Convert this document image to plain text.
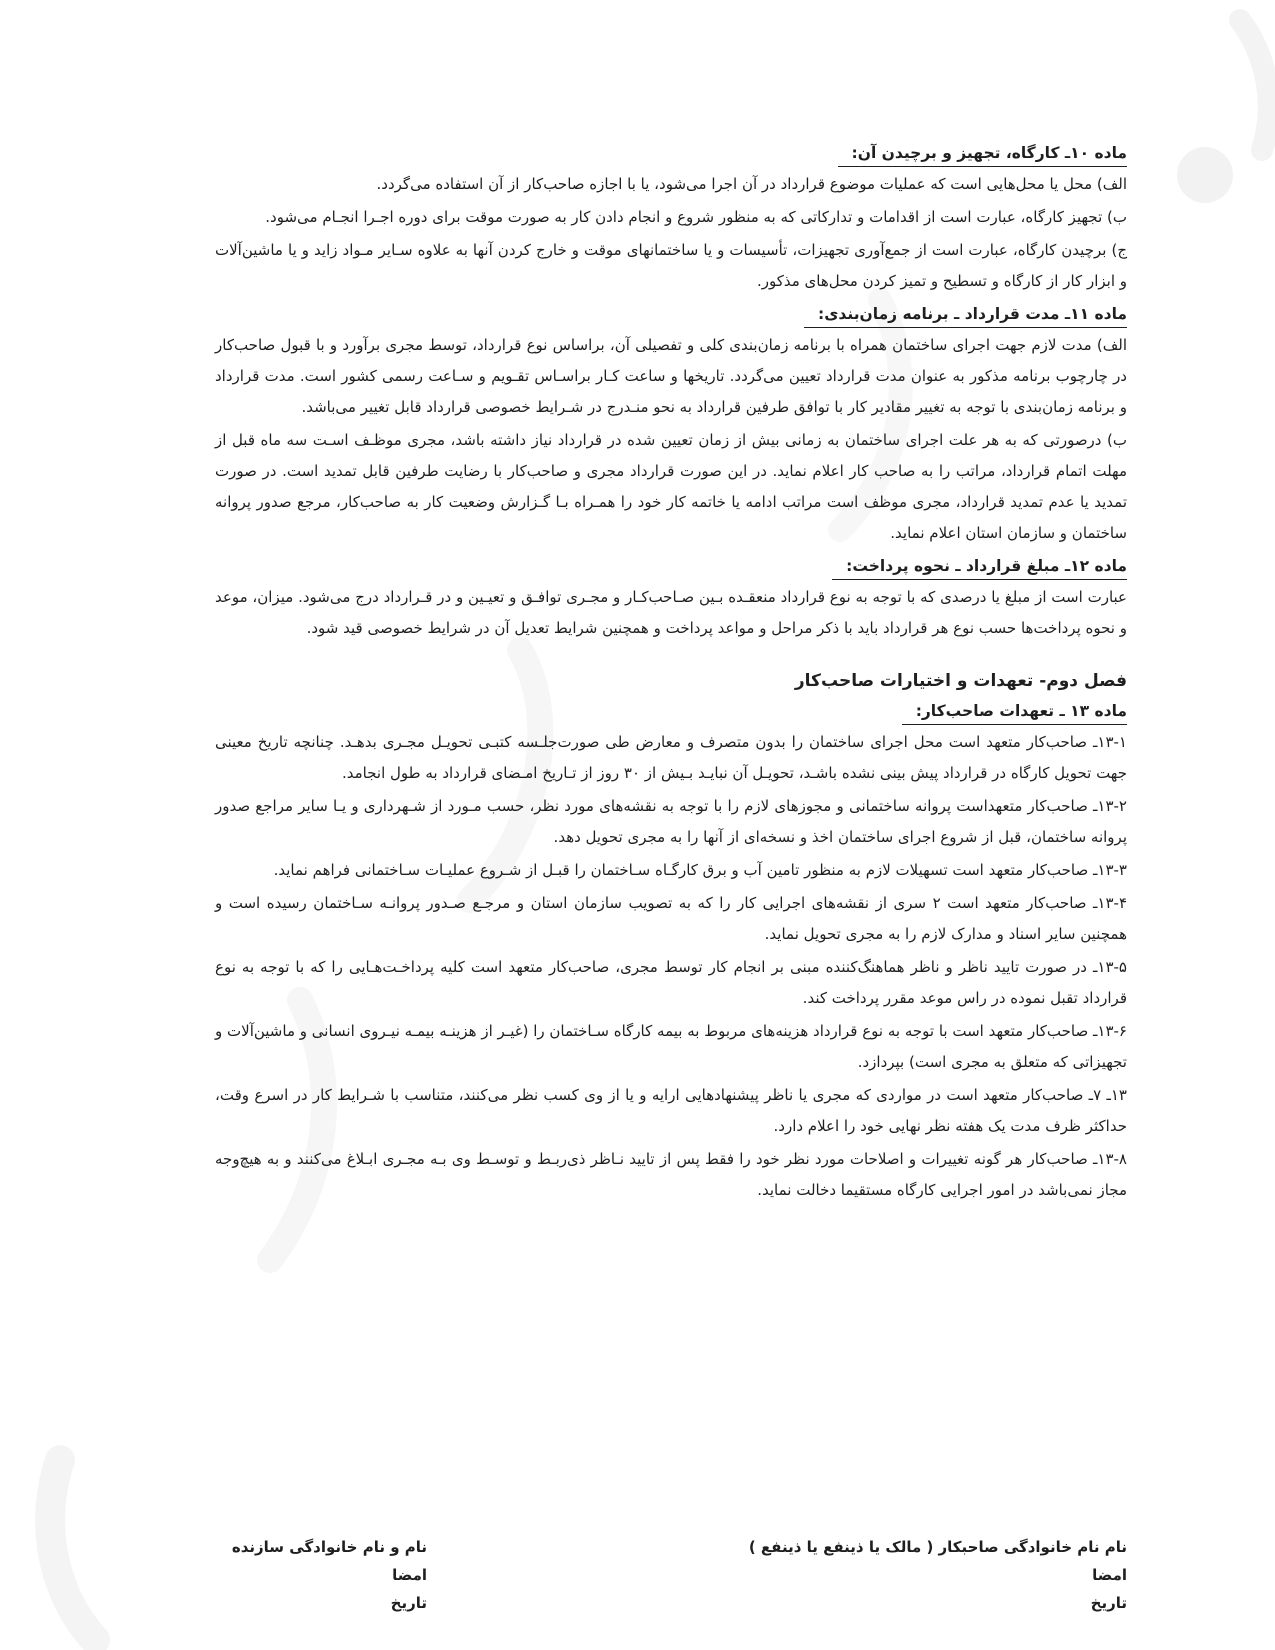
ماده ۱۰ـ کارگاه، تجهیز و برچیدن آن:

الف) محل یا محل‌هایی است که عملیات موضوع قرارداد در آن اجرا می‌شود، یا با اجازه صاحب‌کار از آن استفاده می‌گردد.

ب) تجهیز کارگاه، عبارت است از اقدامات و تدارکاتی که به منظور شروع و انجام دادن کار به صورت موقت برای دوره اجـرا انجـام می‌شود.

ج) برچیدن کارگاه، عبارت است از جمع‌آوری تجهیزات، تأسیسات و یا ساختمانهای موقت و خارج کردن آنها به علاوه سـایر مـواد زاید و یا ماشین‌آلات و ابزار کار از کارگاه و تسطیح و تمیز کردن محل‌های مذکور.

ماده ۱۱ـ مدت قرارداد ـ برنامه زمان‌بندی:

الف) مدت لازم جهت اجرای ساختمان همراه با برنامه زمان‌بندی کلی و تفصیلی آن، براساس نوع قرارداد، توسط مجری برآورد و با قبول صاحب‌کار در چارچوب برنامه مذکور به عنوان مدت قرارداد تعیین می‌گردد. تاریخها و ساعت کـار براسـاس تقـویم و سـاعت رسمی کشور است. مدت قرارداد و برنامه زمان‌بندی با توجه به تغییر مقادیر کار با توافق طرفین قرارداد به نحو منـدرج در شـرایط خصوصی قرارداد قابل تغییر می‌باشد.

ب) درصورتی که به هر علت اجرای ساختمان به زمانی بیش از زمان تعیین شده در قرارداد نیاز داشته باشد، مجری موظـف اسـت سه ماه قبل از مهلت اتمام قرارداد، مراتب را به صاحب کار اعلام نماید. در این صورت قرارداد مجری و صاحب‌کار با رضایت طرفین قابل تمدید است. در صورت تمدید یا عدم تمدید قرارداد، مجری موظف است مراتب ادامه یا خاتمه کار خود را همـراه بـا گـزارش وضعیت کار به صاحب‌کار، مرجع صدور پروانه ساختمان و سازمان استان اعلام نماید.

ماده ۱۲ـ مبلغ قرارداد ـ نحوه پرداخت:

عبارت است از مبلغ یا درصدی که با توجه به نوع قرارداد منعقـده بـین صـاحب‌کـار و مجـری توافـق و تعیـین و در قـرارداد درج می‌شود. میزان، موعد و نحوه پرداخت‌ها حسب نوع هر قرارداد باید با ذکر مراحل و مواعد پرداخت و همچنین شرایط تعدیل آن در شرایط خصوصی قید شود.

فصل دوم- تعهدات و اختیارات صاحب‌کار
ماده ۱۳ ـ تعهدات صاحب‌کار:

۱۳-۱ـ صاحب‌کار متعهد است محل اجرای ساختمان را بدون متصرف و معارض طی صورت‌جلـسه کتبـی تحویـل مجـری بدهـد. چنانچه تاریخ معینی جهت تحویل کارگاه در قرارداد پیش بینی نشده باشـد، تحویـل آن نبایـد بـیش از ۳۰ روز از تـاریخ امـضای قرارداد به طول انجامد.

۱۳-۲ـ صاحب‌کار متعهداست پروانه ساختمانی و مجوزهای لازم را با توجه به نقشه‌های مورد نظر، حسب مـورد از شـهرداری و یـا سایر مراجع صدور پروانه ساختمان، قبل از شروع اجرای ساختمان اخذ و نسخه‌ای از آنها را به مجری تحویل دهد.

۱۳-۳ـ صاحب‌کار متعهد است تسهیلات لازم به منظور تامین آب و برق کارگـاه سـاختمان را قبـل از شـروع عملیـات سـاختمانی فراهم نماید.

۱۳-۴ـ صاحب‌کار متعهد است ۲ سری از نقشه‌های اجرایی کار را که به تصویب سازمان استان و مرجـع صـدور پروانـه سـاختمان رسیده است و همچنین سایر اسناد و مدارک لازم را به مجری تحویل نماید.

۱۳-۵ـ در صورت تایید ناظر و ناظر هماهنگ‌کننده مبنی بر انجام کار توسط مجری، صاحب‌کار متعهد است کلیه پرداخـت‌هـایی را که با توجه به نوع قرارداد تقبل نموده در راس موعد مقرر پرداخت کند.

۱۳-۶ـ صاحب‌کار متعهد است با توجه به نوع قرارداد هزینه‌های مربوط به بیمه کارگاه سـاختمان را (غیـر از هزینـه بیمـه نیـروی انسانی و ماشین‌آلات و تجهیزاتی که متعلق به مجری است) بپردازد.

۱۳ـ ۷ـ صاحب‌کار متعهد است در مواردی که مجری یا ناظر پیشنهادهایی ارایه و یا از وی کسب نظر می‌کنند، متناسب با شـرایط کار در اسرع وقت، حداکثر ظرف مدت یک هفته نظر نهایی خود را اعلام دارد.

۱۳-۸ـ صاحب‌کار هر گونه تغییرات و اصلاحات مورد نظر خود را فقط پس از تایید نـاظر ذی‌ربـط و توسـط وی بـه مجـری ابـلاغ می‌کنند و به هیچ‌وجه مجاز نمی‌باشد در امور اجرایی کارگاه مستقیما دخالت نماید.

نام نام خانوادگی صاحبکار ( مالک یا ذینفع یا ذینفع )
امضا
تاریخ
نام و نام خانوادگی سازنده
امضا
تاریخ
